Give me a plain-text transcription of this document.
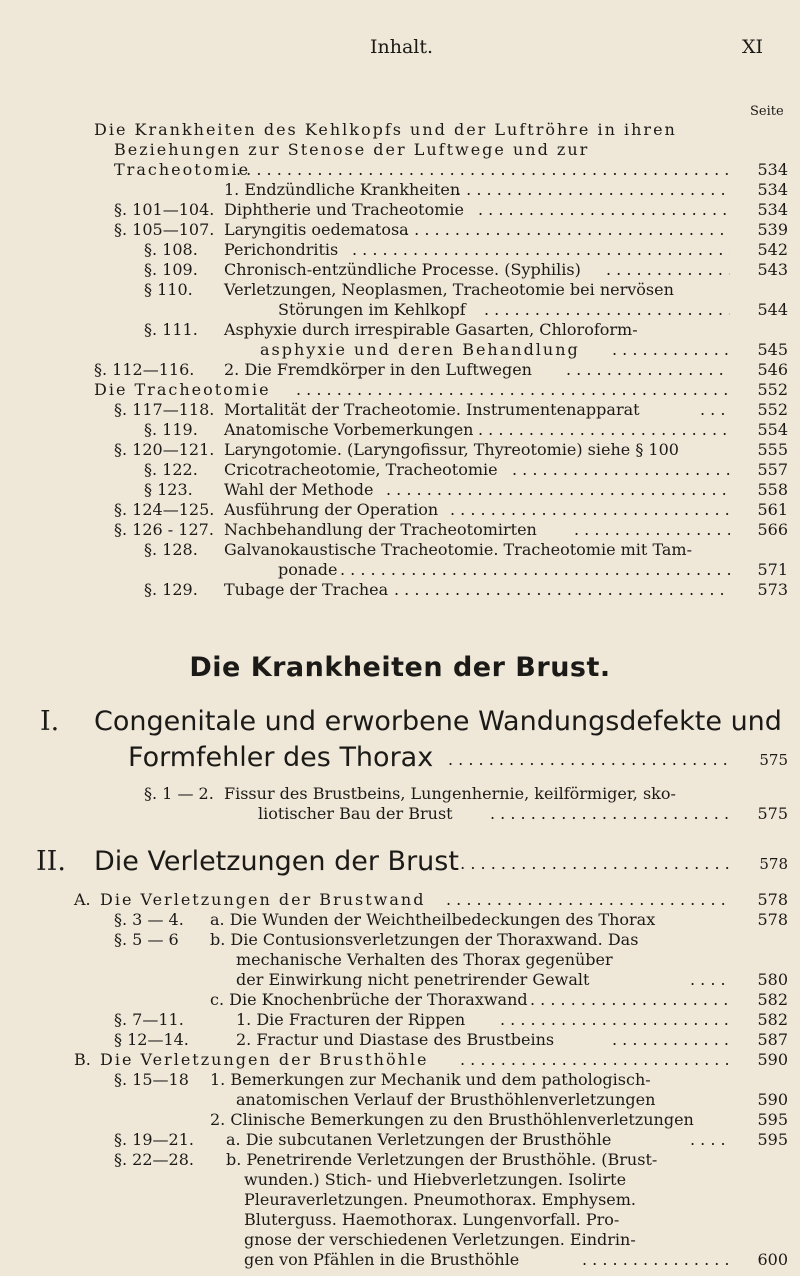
Inhalt.	XI
Seite
Die Krankheiten des Kehlkopfs und der Luftröhre in ihren
Beziehungen zur Stenose der Luftwege und zur
Tracheotomie . . .	534
1. Endzündliche Krankheiten . . .	534
§. 101—104. Diphtherie und Tracheotomie . . .	534
§. 105—107. Laryngitis oedematosa . . .	539
§. 108. Perichondritis . . .	542
§. 109. Chronisch-entzündliche Processe. (Syphilis) . . .	543
§ 110. Verletzungen, Neoplasmen, Tracheotomie bei nervösen
Störungen im Kehlkopf . . .	544
§. 111. Asphyxie durch irrespirable Gasarten, Chloroform-
asphyxie und deren Behandlung . . .	545
§. 112—116. 2. Die Fremdkörper in den Luftwegen . . .	546
Die Tracheotomie . . .	552
§. 117—118. Mortalität der Tracheotomie. Instrumentenapparat . . .	552
§. 119. Anatomische Vorbemerkungen . . .	554
§. 120—121. Laryngotomie. (Laryngofissur, Thyreotomie) siehe § 100	555
§. 122. Cricotracheotomie, Tracheotomie . . .	557
§ 123. Wahl der Methode . . .	558
§. 124—125. Ausführung der Operation . . .	561
§. 126 - 127. Nachbehandlung der Tracheotomirten . . .	566
§. 128. Galvanokaustische Tracheotomie. Tracheotomie mit Tam-
ponade . . .	571
§. 129. Tubage der Trachea . . .	573
Die Krankheiten der Brust.
I. Congenitale und erworbene Wandungsdefekte und
Formfehler des Thorax . . .	575
§. 1 — 2. Fissur des Brustbeins, Lungenhernie, keilförmiger, sko-
liotischer Bau der Brust . . .	575
II. Die Verletzungen der Brust . . .	578
A. Die Verletzungen der Brustwand . . .	578
§. 3 — 4. a. Die Wunden der Weichtheilbedeckungen des Thorax	578
§. 5 — 6 b. Die Contusionsverletzungen der Thoraxwand. Das
mechanische Verhalten des Thorax gegenüber
der Einwirkung nicht penetrirender Gewalt . . .	580
c. Die Knochenbrüche der Thoraxwand . . .	582
§. 7—11.	1. Die Fracturen der Rippen . . .	582
§ 12—14.	2. Fractur und Diastase des Brustbeins . . .	587
B. Die Verletzungen der Brusthöhle . . .	590
§. 15—18 1. Bemerkungen zur Mechanik und dem pathologisch-
anatomischen Verlauf der Brusthöhlenverletzungen	590
2. Clinische Bemerkungen zu den Brusthöhlenverletzungen	595
§. 19—21. a. Die subcutanen Verletzungen der Brusthöhle . . .	595
§. 22—28. b. Penetrirende Verletzungen der Brusthöhle. (Brust-
wunden.) Stich- und Hiebverletzungen. Isolirte
Pleuraverletzungen. Pneumothorax. Emphysem.
Bluterguss. Haemothorax. Lungenvorfall. Pro-
gnose der verschiedenen Verletzungen. Eindrin-
gen von Pfählen in die Brusthöhle . . .	600
